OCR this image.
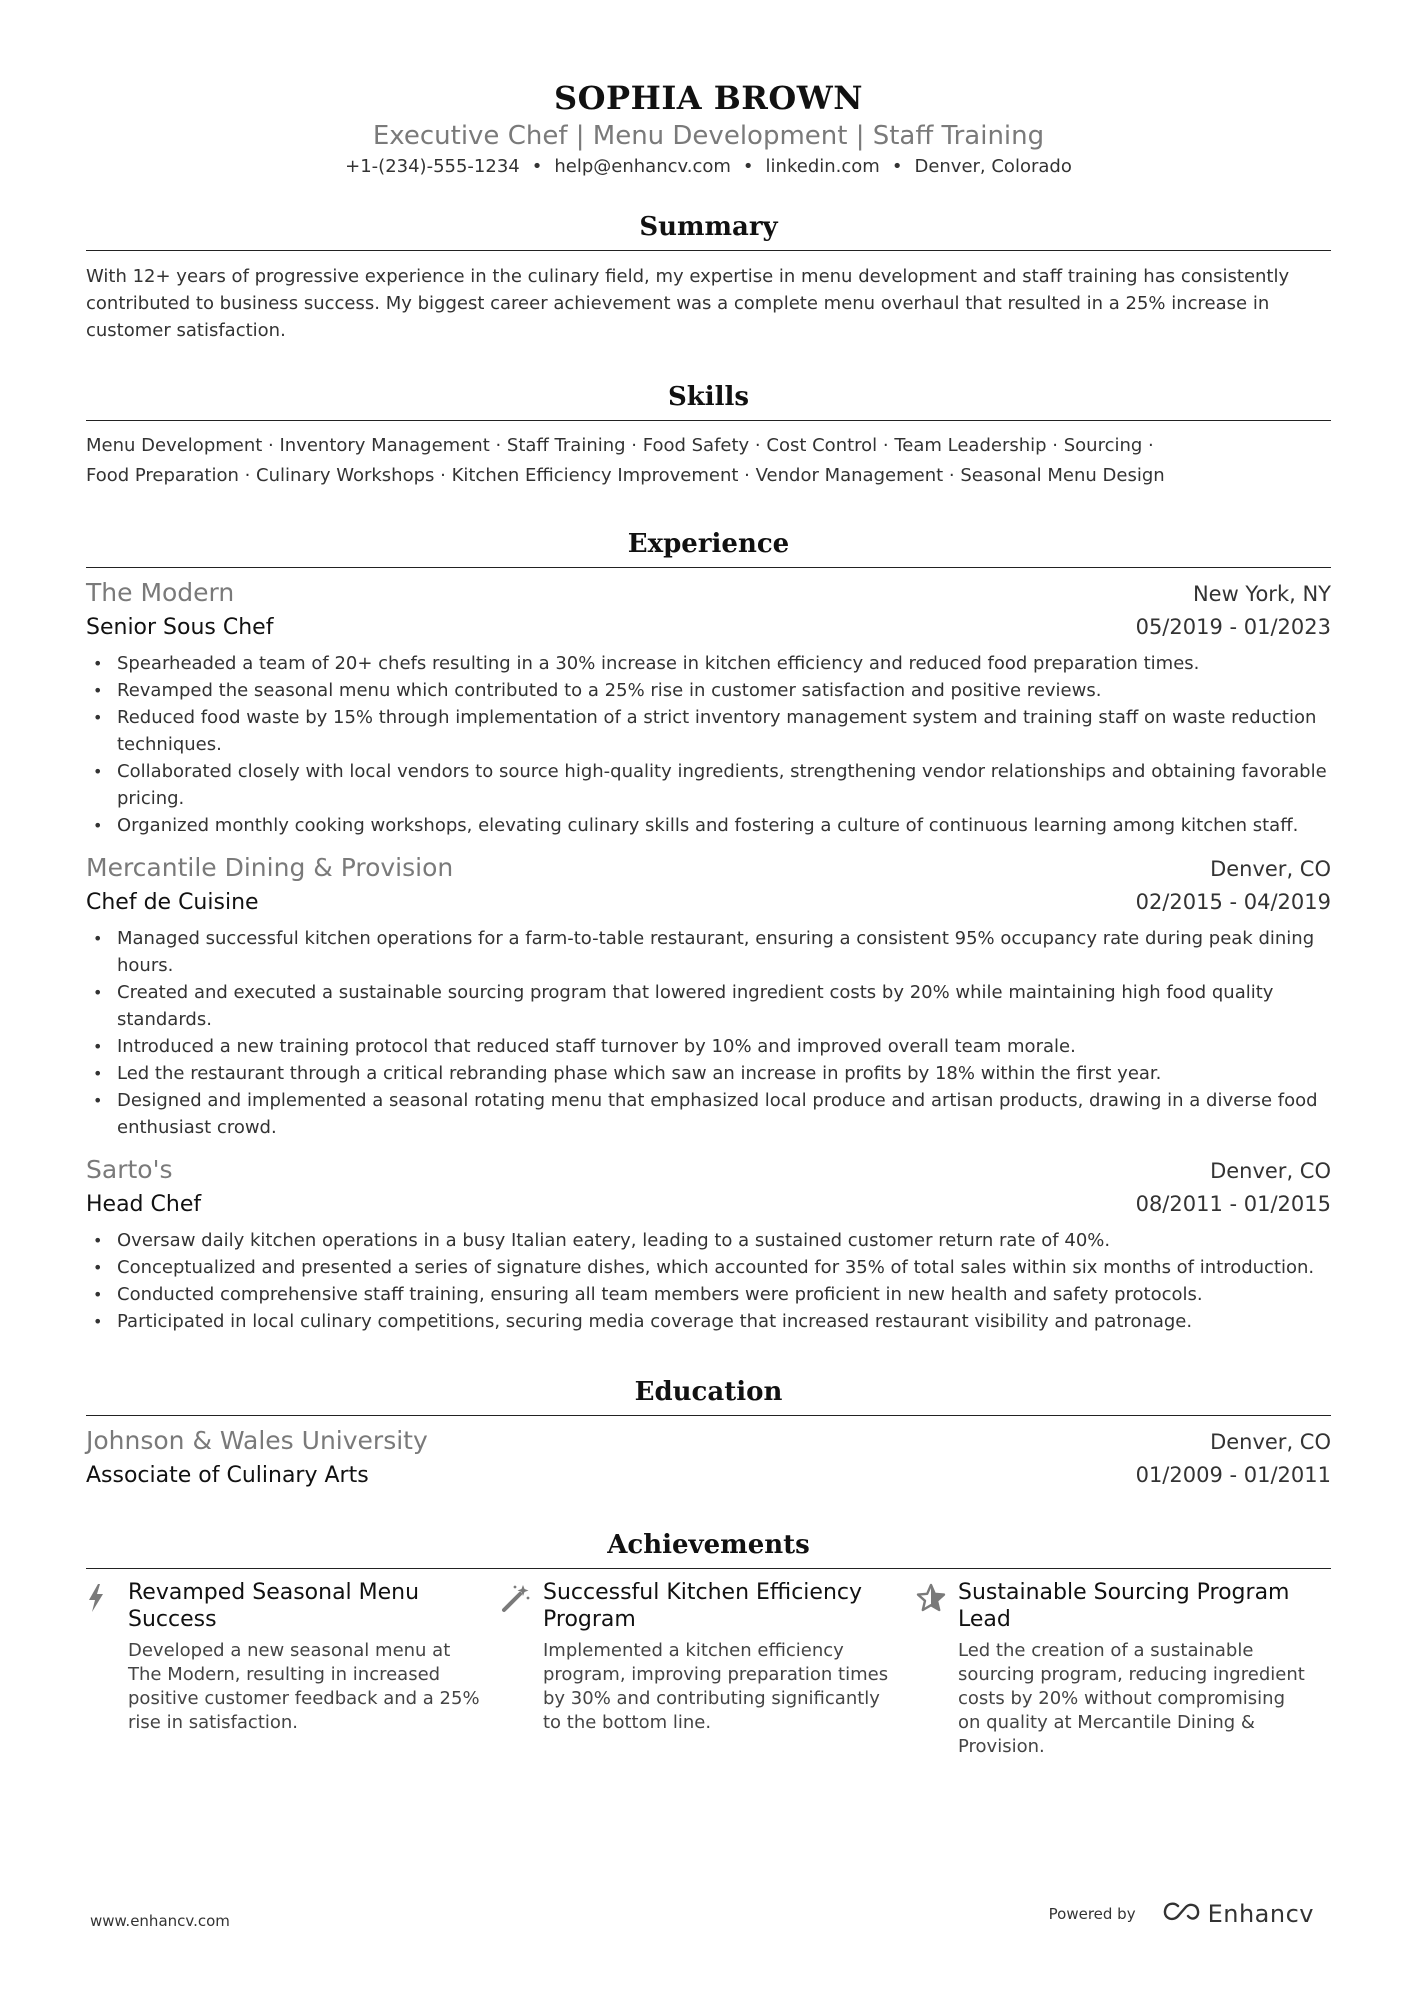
SOPHIA BROWN
Executive Chef | Menu Development | Staff Training
+1-(234)-555-1234 • help@enhancv.com • linkedin.com • Denver, Colorado
Summary
With 12+ years of progressive experience in the culinary field, my expertise in menu development and staff training has consistently contributed to business success. My biggest career achievement was a complete menu overhaul that resulted in a 25% increase in customer satisfaction.
Skills
Menu Development · Inventory Management · Staff Training · Food Safety · Cost Control · Team Leadership · Sourcing ·
Food Preparation · Culinary Workshops · Kitchen Efficiency Improvement · Vendor Management · Seasonal Menu Design
Experience
The Modern	New York, NY
Senior Sous Chef	05/2019 - 01/2023
• Spearheaded a team of 20+ chefs resulting in a 30% increase in kitchen efficiency and reduced food preparation times.
• Revamped the seasonal menu which contributed to a 25% rise in customer satisfaction and positive reviews.
• Reduced food waste by 15% through implementation of a strict inventory management system and training staff on waste reduction techniques.
• Collaborated closely with local vendors to source high-quality ingredients, strengthening vendor relationships and obtaining favorable pricing.
• Organized monthly cooking workshops, elevating culinary skills and fostering a culture of continuous learning among kitchen staff.
Mercantile Dining & Provision	Denver, CO
Chef de Cuisine	02/2015 - 04/2019
• Managed successful kitchen operations for a farm-to-table restaurant, ensuring a consistent 95% occupancy rate during peak dining hours.
• Created and executed a sustainable sourcing program that lowered ingredient costs by 20% while maintaining high food quality standards.
• Introduced a new training protocol that reduced staff turnover by 10% and improved overall team morale.
• Led the restaurant through a critical rebranding phase which saw an increase in profits by 18% within the first year.
• Designed and implemented a seasonal rotating menu that emphasized local produce and artisan products, drawing in a diverse food enthusiast crowd.
Sarto's	Denver, CO
Head Chef	08/2011 - 01/2015
• Oversaw daily kitchen operations in a busy Italian eatery, leading to a sustained customer return rate of 40%.
• Conceptualized and presented a series of signature dishes, which accounted for 35% of total sales within six months of introduction.
• Conducted comprehensive staff training, ensuring all team members were proficient in new health and safety protocols.
• Participated in local culinary competitions, securing media coverage that increased restaurant visibility and patronage.
Education
Johnson & Wales University	Denver, CO
Associate of Culinary Arts	01/2009 - 01/2011
Achievements
Revamped Seasonal Menu Success
Developed a new seasonal menu at The Modern, resulting in increased positive customer feedback and a 25% rise in satisfaction.
Successful Kitchen Efficiency Program
Implemented a kitchen efficiency program, improving preparation times by 30% and contributing significantly to the bottom line.
Sustainable Sourcing Program Lead
Led the creation of a sustainable sourcing program, reducing ingredient costs by 20% without compromising on quality at Mercantile Dining & Provision.
www.enhancv.com	Powered by	Enhancv
